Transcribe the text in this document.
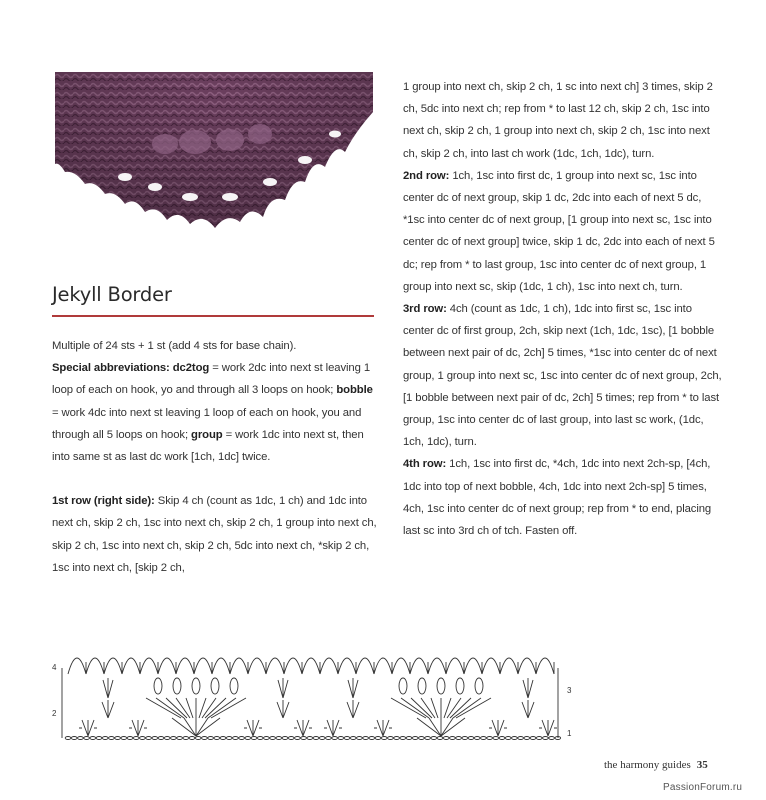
Jekyll Border

Multiple of 24 sts + 1 st (add 4 sts for base chain).

Special abbreviations: dc2tog = work 2dc into next st leaving 1 loop of each on hook, yo and through all 3 loops on hook; bobble = work 4dc into next st leaving 1 loop of each on hook, you and through all 5 loops on hook; group = work 1dc into next st, then into same st as last dc work [1ch, 1dc] twice.

1st row (right side): Skip 4 ch (count as 1dc, 1 ch) and 1dc into next ch, skip 2 ch, 1sc into next ch, skip 2 ch, 1 group into next ch, skip 2 ch, 1sc into next ch, skip 2 ch, 5dc into next ch, *skip 2 ch, 1sc into next ch, [skip 2 ch,

1 group into next ch, skip 2 ch, 1 sc into next ch] 3 times, skip 2 ch, 5dc into next ch; rep from * to last 12 ch, skip 2 ch, 1sc into next ch, skip 2 ch, 1 group into next ch, skip 2 ch, 1sc into next ch, skip 2 ch, into last ch work (1dc, 1ch, 1dc), turn.

2nd row: 1ch, 1sc into first dc, 1 group into next sc, 1sc into center dc of next group, skip 1 dc, 2dc into each of next 5 dc, *1sc into center dc of next group, [1 group into next sc, 1sc into center dc of next group] twice, skip 1 dc, 2dc into each of next 5 dc; rep from * to last group, 1sc into center dc of next group, 1 group into next sc, skip (1dc, 1 ch), 1sc into next ch, turn.

3rd row: 4ch (count as 1dc, 1 ch), 1dc into first sc, 1sc into center dc of first group, 2ch, skip next (1ch, 1dc, 1sc), [1 bobble between next pair of dc, 2ch] 5 times, *1sc into center dc of next group, 1 group into next sc, 1sc into center dc of next group, 2ch, [1 bobble between next pair of dc, 2ch] 5 times; rep from * to last group, 1sc into center dc of last group, into last sc work, (1dc, 1ch, 1dc), turn.

4th row: 1ch, 1sc into first dc, *4ch, 1dc into next 2ch-sp, [4ch, 1dc into top of next bobble, 4ch, 1dc into next 2ch-sp] 5 times, 4ch, 1sc into center dc of next group; rep from * to end, placing last sc into 3rd ch of tch. Fasten off.

4
2
3
1
the harmony guides 35
PassionForum.ru
